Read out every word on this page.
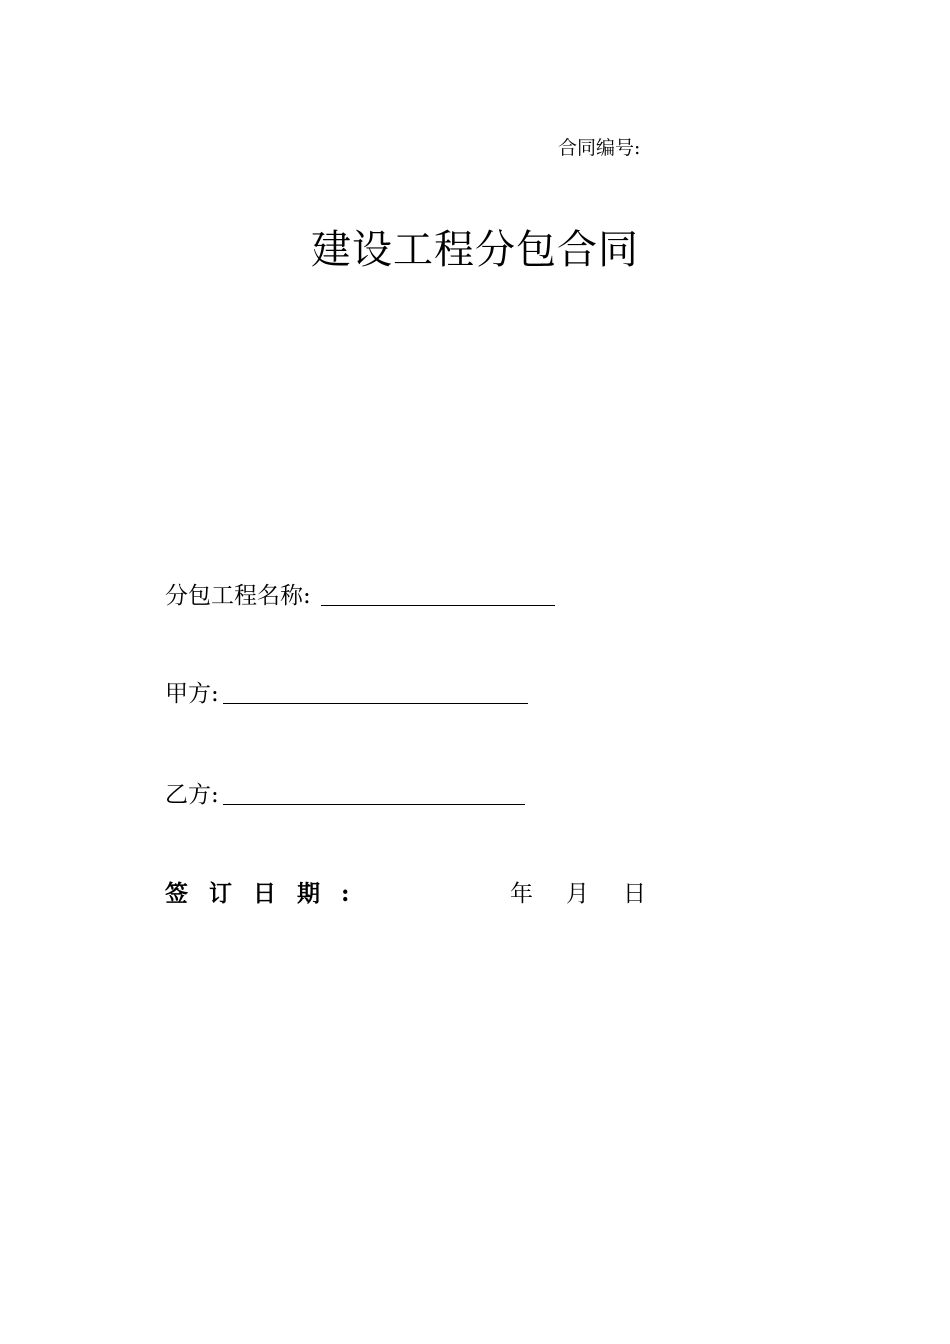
合同编号:
建设工程分包合同
分包工程名称:
甲方:
乙方:
签订日期:	年 月 日
